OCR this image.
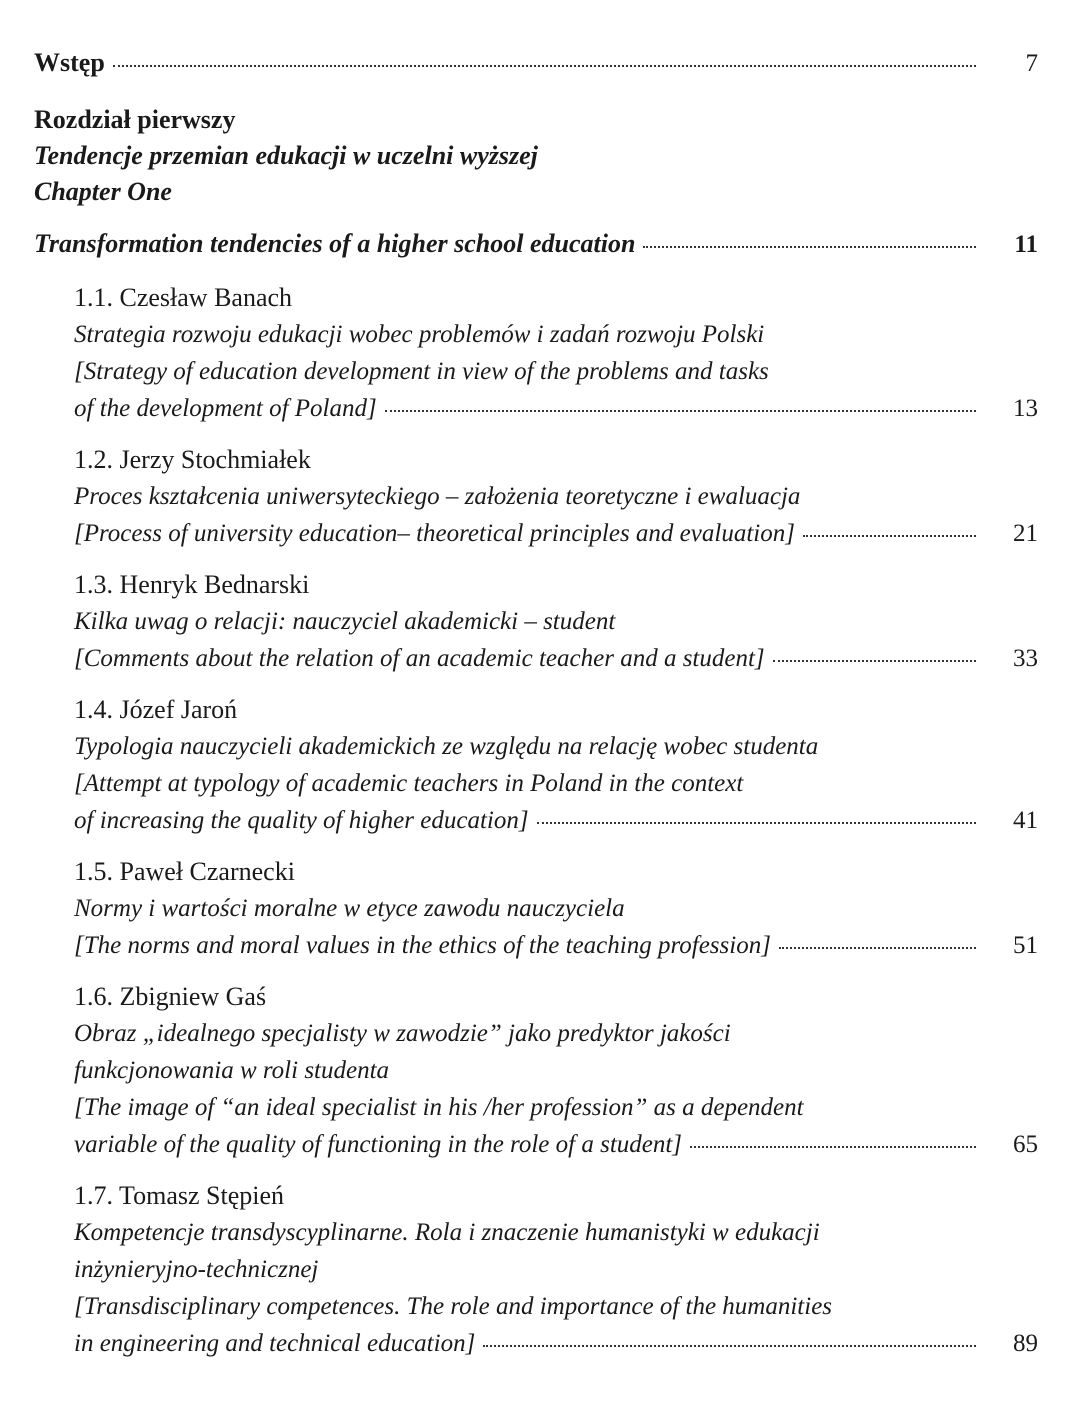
Wstęp	7
Rozdział pierwszy
Tendencje przemian edukacji w uczelni wyższej
Chapter One
Transformation tendencies of a higher school education	11
1.1. Czesław Banach
Strategia rozwoju edukacji wobec problemów i zadań rozwoju Polski
[Strategy of education development in view of the problems and tasks
of the development of Poland]	13
1.2. Jerzy Stochmiałek
Proces kształcenia uniwersyteckiego – założenia teoretyczne i ewaluacja
[Process of university education– theoretical principles and evaluation]	21
1.3. Henryk Bednarski
Kilka uwag o relacji: nauczyciel akademicki – student
[Comments about the relation of an academic teacher and a student]	33
1.4. Józef Jaroń
Typologia nauczycieli akademickich ze względu na relację wobec studenta
[Attempt at typology of academic teachers in Poland in the context
of increasing the quality of higher education]	41
1.5. Paweł Czarnecki
Normy i wartości moralne w etyce zawodu nauczyciela
[The norms and moral values in the ethics of the teaching profession]	51
1.6. Zbigniew Gaś
Obraz „idealnego specjalisty w zawodzie” jako predyktor jakości
funkcjonowania w roli studenta
[The image of “an ideal specialist in his /her profession” as a dependent
variable of the quality of functioning in the role of a student]	65
1.7. Tomasz Stępień
Kompetencje transdyscyplinarne. Rola i znaczenie humanistyki w edukacji
inżynieryjno-technicznej
[Transdisciplinary competences. The role and importance of the humanities
in engineering and technical education]	89
